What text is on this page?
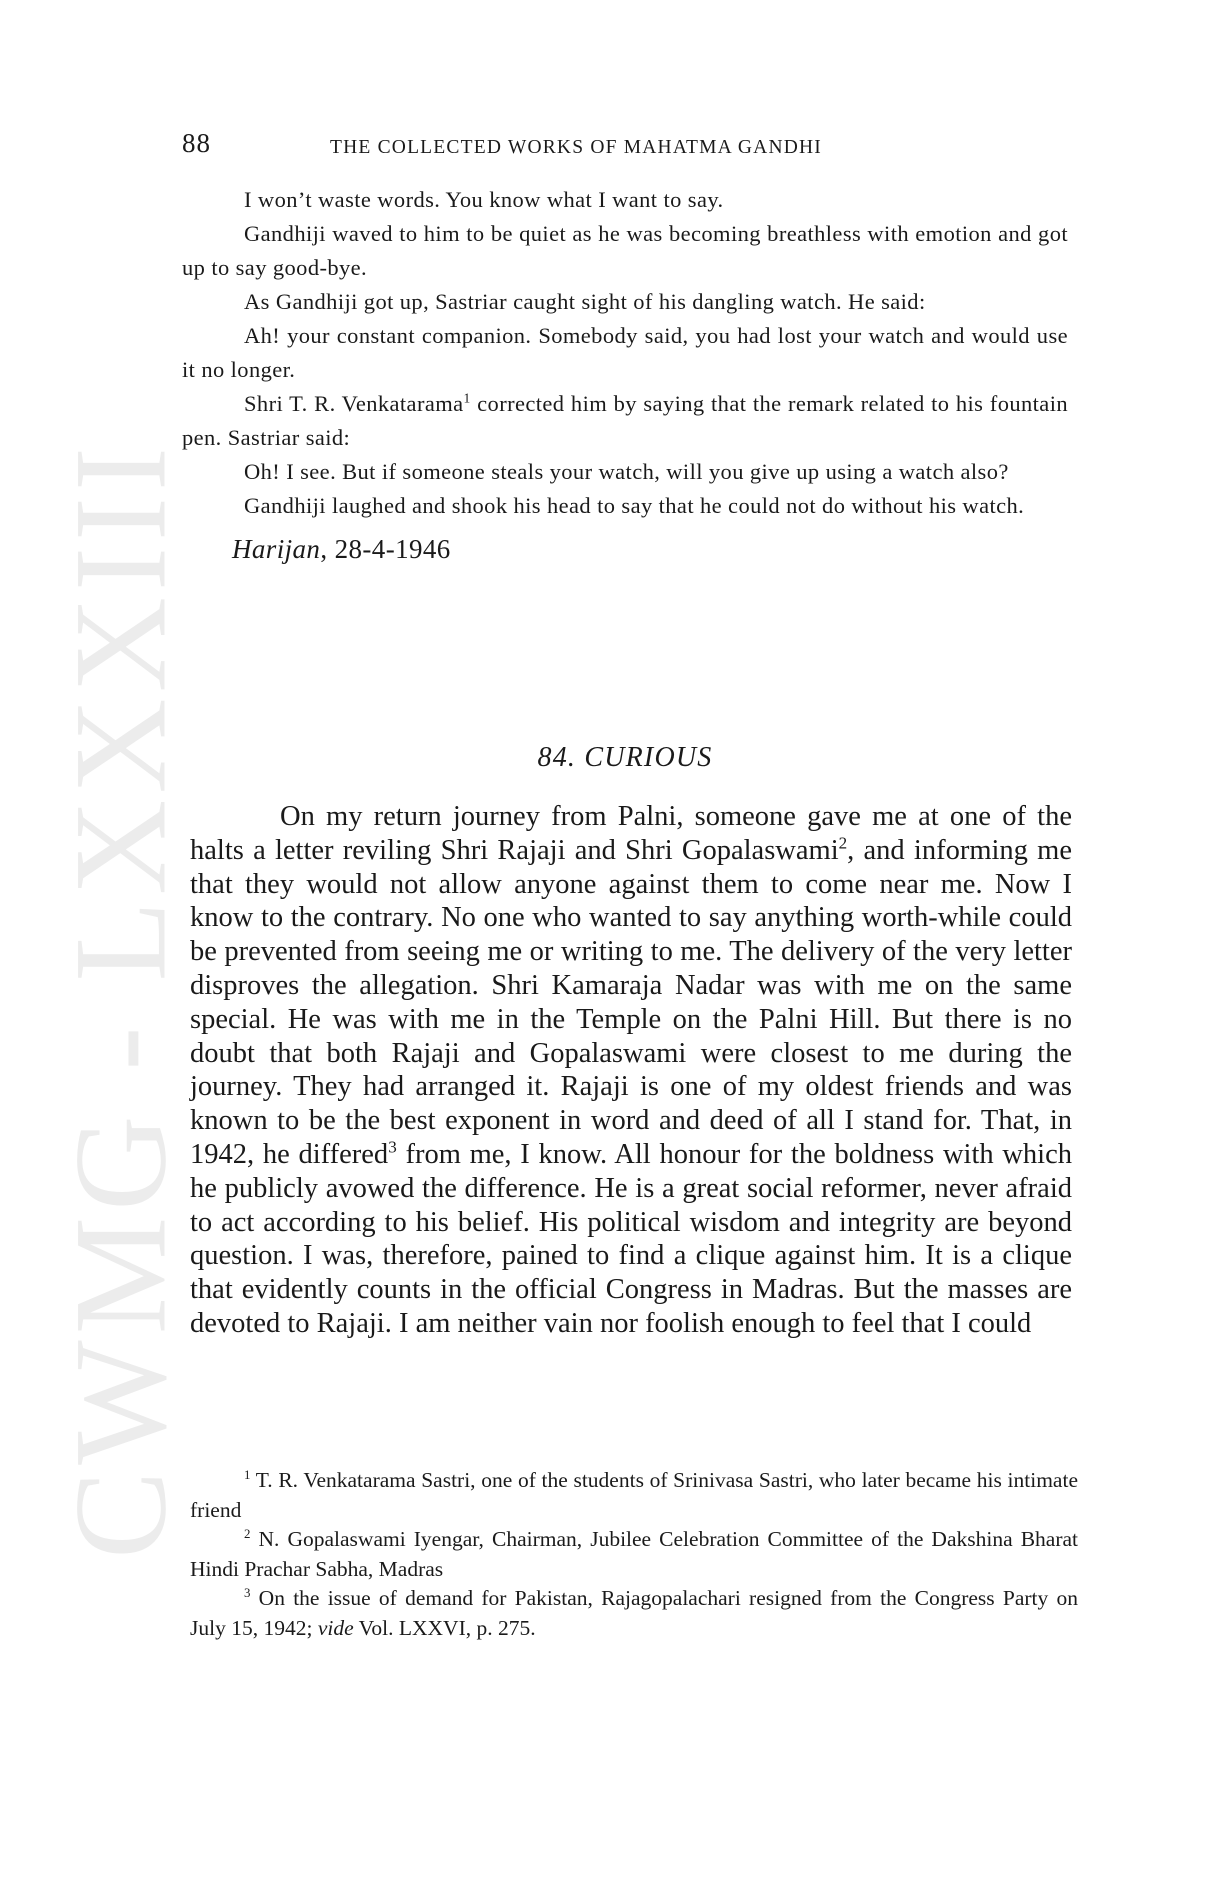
CWMG - LXXXIII
88	THE COLLECTED WORKS OF MAHATMA GANDHI

I won’t waste words. You know what I want to say.

Gandhiji waved to him to be quiet as he was becoming breathless with emotion and got up to say good-bye.

As Gandhiji got up, Sastriar caught sight of his dangling watch. He said:

Ah! your constant companion. Somebody said, you had lost your watch and would use it no longer.

Shri T. R. Venkatarama$^1$ corrected him by saying that the remark related to his fountain pen. Sastriar said:

Oh! I see. But if someone steals your watch, will you give up using a watch also?

Gandhiji laughed and shook his head to say that he could not do without his watch.

Harijan, 28-4-1946

84. CURIOUS

On my return journey from Palni, someone gave me at one of the halts a letter reviling Shri Rajaji and Shri Gopalaswami$^2$, and informing me that they would not allow anyone against them to come near me. Now I know to the contrary. No one who wanted to say anything worth-while could be prevented from seeing me or writing to me. The delivery of the very letter disproves the allegation. Shri Kamaraja Nadar was with me on the same special. He was with me in the Temple on the Palni Hill. But there is no doubt that both Rajaji and Gopalaswami were closest to me during the journey. They had arranged it. Rajaji is one of my oldest friends and was known to be the best exponent in word and deed of all I stand for. That, in 1942, he differed$^3$ from me, I know. All honour for the boldness with which he publicly avowed the difference. He is a great social reformer, never afraid to act according to his belief. His political wisdom and integrity are beyond question. I was, therefore, pained to find a clique against him. It is a clique that evidently counts in the official Congress in Madras. But the masses are devoted to Rajaji. I am neither vain nor foolish enough to feel that I could

$^1$ T. R. Venkatarama Sastri, one of the students of Srinivasa Sastri, who later became his intimate friend

$^2$ N. Gopalaswami Iyengar, Chairman, Jubilee Celebration Committee of the Dakshina Bharat Hindi Prachar Sabha, Madras

$^3$ On the issue of demand for Pakistan, Rajagopalachari resigned from the Congress Party on July 15, 1942; vide Vol. LXXVI, p. 275.
